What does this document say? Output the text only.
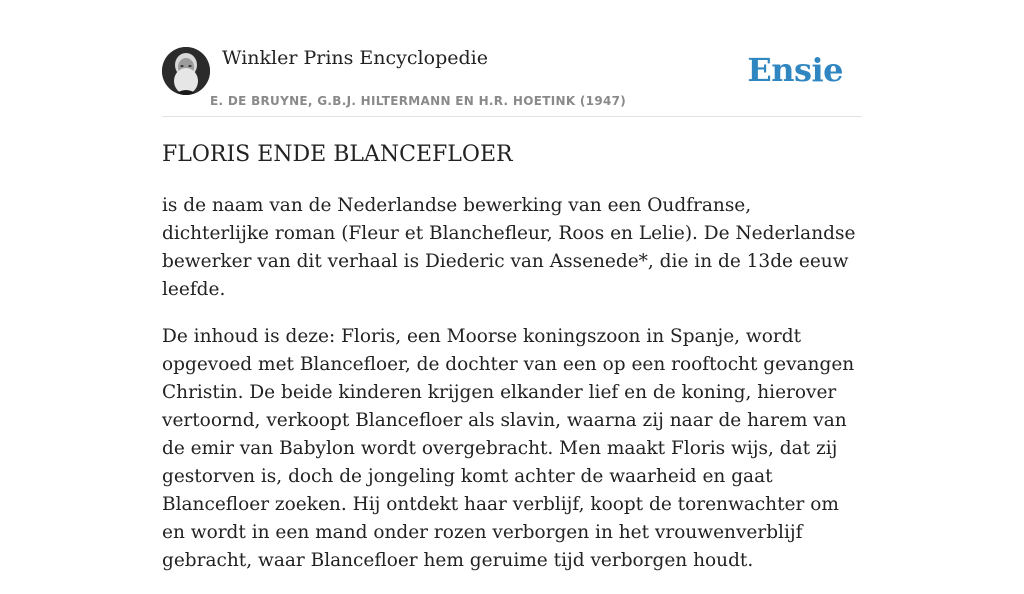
Winkler Prins Encyclopedie
E. DE BRUYNE, G.B.J. HILTERMANN EN H.R. HOETINK (1947)
Ensie
FLORIS ENDE BLANCEFLOER

is de naam van de Nederlandse bewerking van een Oudfranse, dichterlijke roman (Fleur et Blanchefleur, Roos en Lelie). De Nederlandse bewerker van dit verhaal is Diederic van Assenede*, die in de 13de eeuw leefde.

De inhoud is deze: Floris, een Moorse koningszoon in Spanje, wordt opgevoed met Blancefloer, de dochter van een op een rooftocht gevangen Christin. De beide kinderen krijgen elkander lief en de koning, hierover vertoornd, verkoopt Blancefloer als slavin, waarna zij naar de harem van de emir van Babylon wordt overgebracht. Men maakt Floris wijs, dat zij gestorven is, doch de jongeling komt achter de waarheid en gaat Blancefloer zoeken. Hij ontdekt haar verblijf, koopt de torenwachter om en wordt in een mand onder rozen verborgen in het vrouwenverblijf gebracht, waar Blancefloer hem geruime tijd verborgen houdt.
